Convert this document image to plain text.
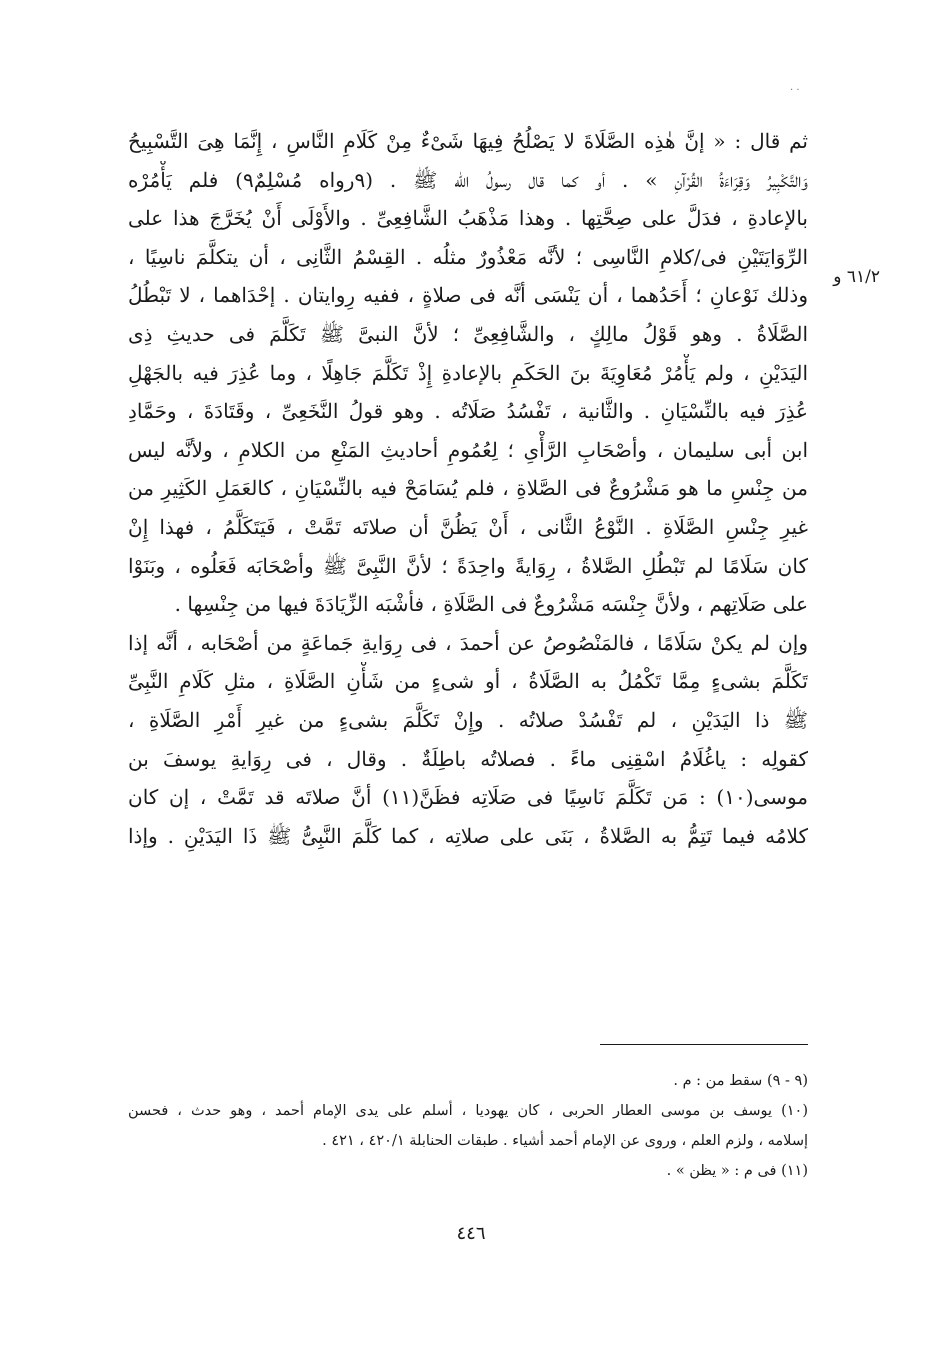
· ·
٦١/٢ و
ثم قال : « إنَّ هٰذِه الصَّلَاةَ لا يَصْلُحُ فِيهَا شَىْءٌ مِنْ كَلَامِ النَّاسِ ، إِنَّمَا هِىَ التَّسْبِيحُ
وَالتَّكْبِيرُ وَقِرَاءَةُ القُرْآنِ » . أو كما قال رسولُ الله ﷺ . (٩رواه مُسْلِمٌ٩) فلم يَأْمُرْه
بالإعادةِ ، فدَلَّ على صِحَّتِها . وهذا مَذْهَبُ الشَّافِعِىِّ . والأَوْلَى أَنْ يُخَرَّجَ هذا على
الرِّوَايَتَيْنِ فى/كلامِ النَّاسِى ؛ لأنَّه مَعْذُورٌ مثلُه . القِسْمُ الثَّانِى ، أن يتكلَّمَ ناسِيًا ،
وذلك نَوْعانِ ؛ أَحَدُهما ، أن يَنْسَى أنَّه فى صلاةٍ ، ففيه رِوايتان . إحْدَاهما ، لا تَبْطُلُ
الصَّلَاةُ . وهو قَوْلُ مالِكٍ ، والشَّافِعِىِّ ؛ لأنَّ النبىَّ ﷺ تَكَلَّمَ فى حديثِ ذِى
اليَدَيْنِ ، ولم يَأْمُرْ مُعَاوِيَةَ بنَ الحَكَمِ بالإعادةِ إِذْ تَكَلَّمَ جَاهِلًا ، وما عُذِرَ فيه بالجَهْلِ
عُذِرَ فيه بالنِّسْيَانِ . والثَّانية ، تَفْسُدُ صَلَاتُه . وهو قولُ النَّخَعِىِّ ، وقَتَادَةَ ، وحَمَّادِ
ابن أبى سليمان ، وأصْحَابِ الرَّأْىِ ؛ لِعُمُومِ أحاديثِ المَنْعِ من الكلامِ ، ولأنَّه ليس
من جِنْسِ ما هو مَشْرُوعٌ فى الصَّلاةِ ، فلم يُسَامَحْ فيه بالنِّسْيَانِ ، كالعَمَلِ الكَثِيرِ من
غيرِ جِنْسِ الصَّلَاةِ . النَّوْعُ الثَّانى ، أَنْ يَظُنَّ أن صلاتَه تَمَّتْ ، فَيَتَكَلَّمُ ، فهذا إِنْ
كان سَلَامًا لم تَبْطُلِ الصَّلاةُ ، رِوَايةً واحِدَةً ؛ لأنَّ النَّبِىَّ ﷺ وأصْحَابَه فَعَلُوه ، وبَنَوْا
على صَلَاتِهم ، ولأنَّ جِنْسَه مَشْرُوعٌ فى الصَّلَاةِ ، فأشْبَه الزِّيَادَةَ فيها من جِنْسِها .
وإن لم يكنْ سَلَامًا ، فالمَنْصُوصُ عن أحمدَ ، فى رِوَايةِ جَماعَةٍ من أصْحَابه ، أنَّه إذا
تَكَلَّمَ بشىءٍ مِمَّا تَكْمُلُ به الصَّلَاةُ ، أو شىءٍ من شَأْنِ الصَّلَاةِ ، مثلِ كَلَامِ النَّبِىِّ
ﷺ ذا اليَدَيْنِ ، لم تَفْسُدْ صلاتُه . وإِنْ تَكَلَّمَ بشىءٍ من غيرِ أَمْرِ الصَّلَاةِ ،
كقولِه : ياغُلَامُ اسْقِنِى ماءً . فصلاتُه باطِلَةٌ . وقال ، فى رِوَايةِ يوسفَ بن
موسى(١٠) : مَن تَكَلَّمَ نَاسِيًا فى صَلَاتِه فظَنَّ(١١) أنَّ صلاتَه قد تَمَّتْ ، إن كان
كلامُه فيما تَتِمُّ به الصَّلاةُ ، بَنَى على صلاتِه ، كما كَلَّمَ النَّبِىُّ ﷺ ذَا اليَدَيْنِ . وإذا
(٩ - ٩) سقط من : م .
(١٠) يوسف بن موسى العطار الحربى ، كان يهوديا ، أسلم على يدى الإمام أحمد ، وهو حدث ، فحسن
إسلامه ، ولزم العلم ، وروى عن الإمام أحمد أشياء . طبقات الحنابلة ٤٢٠/١ ، ٤٢١ .
(١١) فى م : « يظن » .
٤٤٦
